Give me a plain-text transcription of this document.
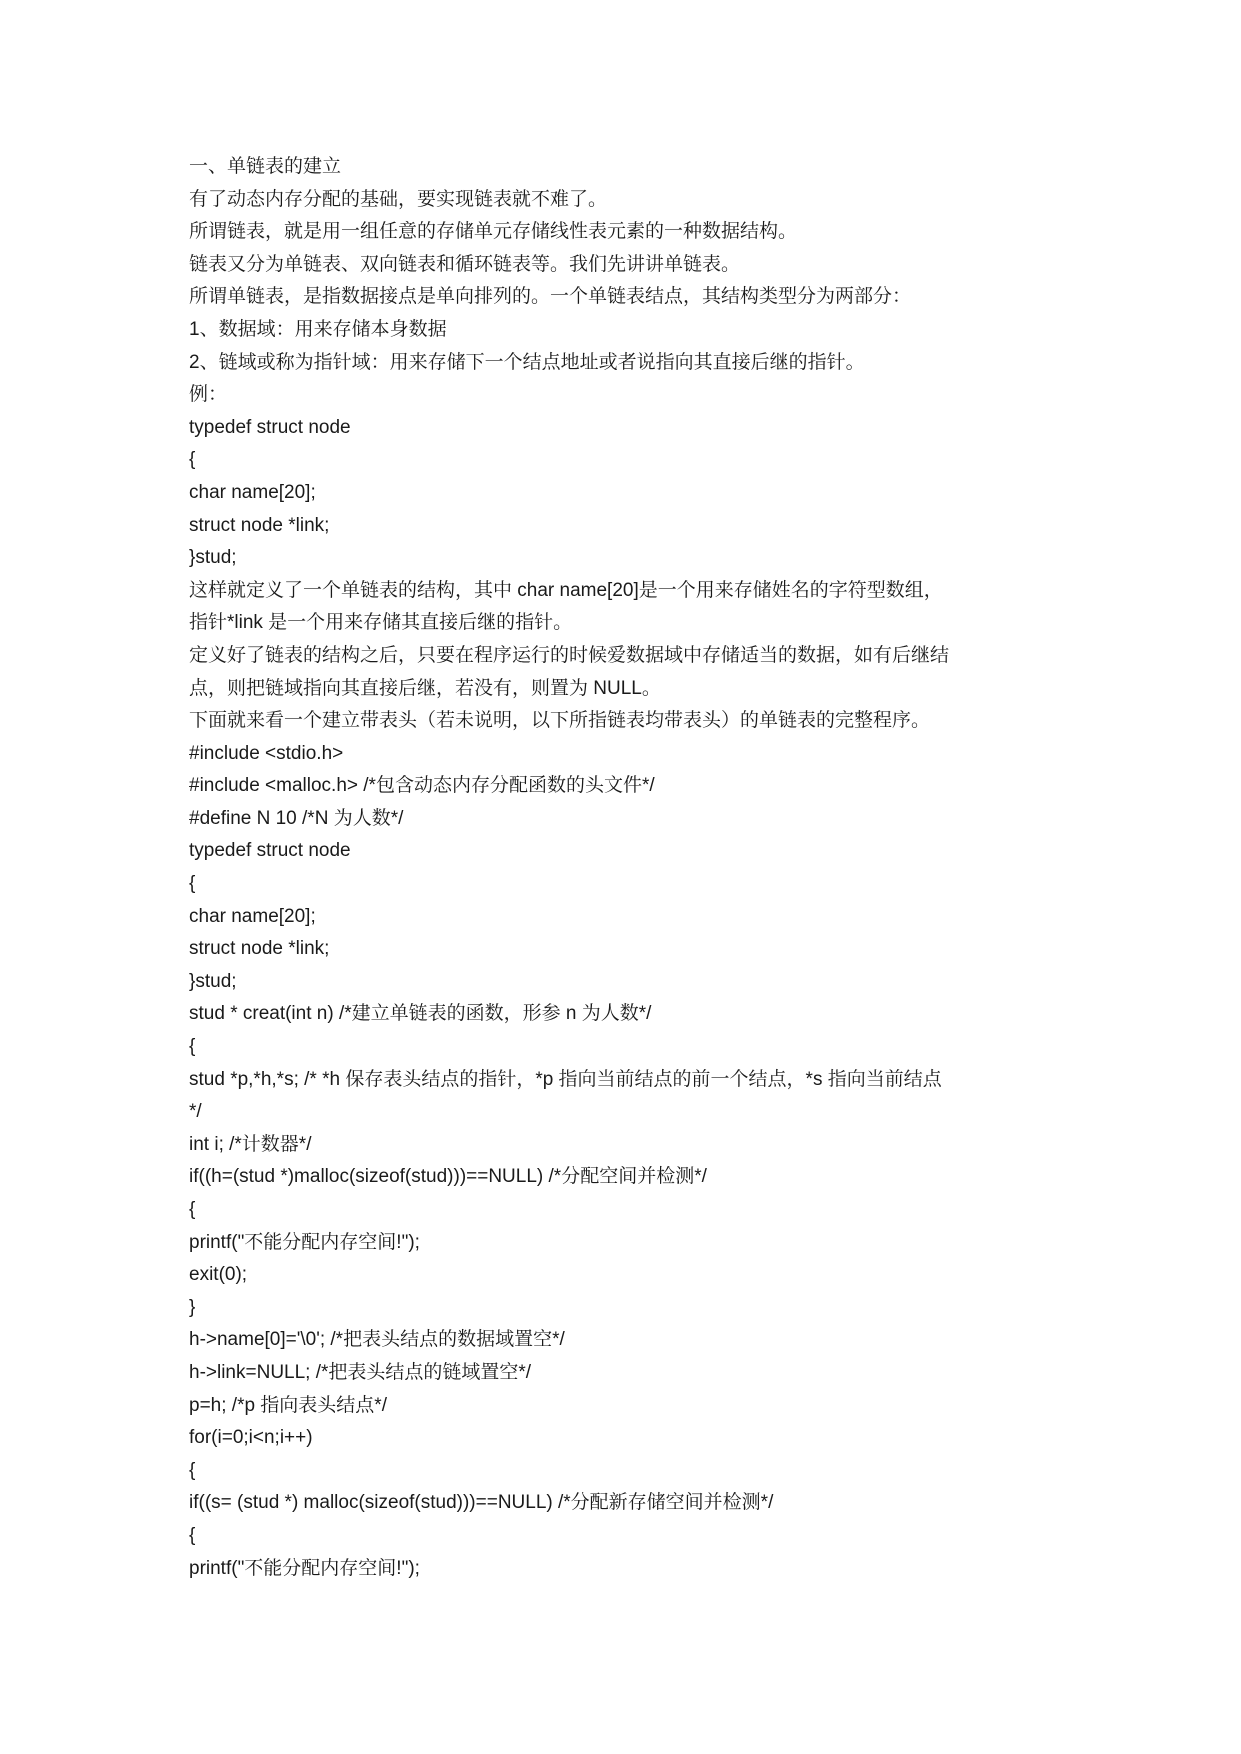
一、单链表的建立

有了动态内存分配的基础，要实现链表就不难了。

所谓链表，就是用一组任意的存储单元存储线性表元素的一种数据结构。

链表又分为单链表、双向链表和循环链表等。我们先讲讲单链表。

所谓单链表，是指数据接点是单向排列的。一个单链表结点，其结构类型分为两部分：

1、数据域：用来存储本身数据

2、链域或称为指针域：用来存储下一个结点地址或者说指向其直接后继的指针。

例：

typedef struct node

{

char name[20];

struct node *link;

}stud;

这样就定义了一个单链表的结构，其中 char name[20]是一个用来存储姓名的字符型数组，

指针*link 是一个用来存储其直接后继的指针。

定义好了链表的结构之后，只要在程序运行的时候爱数据域中存储适当的数据，如有后继结

点，则把链域指向其直接后继，若没有，则置为 NULL。

下面就来看一个建立带表头（若未说明，以下所指链表均带表头）的单链表的完整程序。

#include <stdio.h>

#include <malloc.h> /*包含动态内存分配函数的头文件*/

#define N 10 /*N 为人数*/

typedef struct node

{

char name[20];

struct node *link;

}stud;

stud * creat(int n) /*建立单链表的函数，形参 n 为人数*/

{

stud *p,*h,*s; /* *h 保存表头结点的指针，*p 指向当前结点的前一个结点，*s 指向当前结点

*/

int i; /*计数器*/

if((h=(stud *)malloc(sizeof(stud)))==NULL) /*分配空间并检测*/

{

printf("不能分配内存空间!");

exit(0);

}

h->name[0]='\0'; /*把表头结点的数据域置空*/

h->link=NULL; /*把表头结点的链域置空*/

p=h; /*p 指向表头结点*/

for(i=0;i<n;i++)

{

if((s= (stud *) malloc(sizeof(stud)))==NULL) /*分配新存储空间并检测*/

{

printf("不能分配内存空间!");
